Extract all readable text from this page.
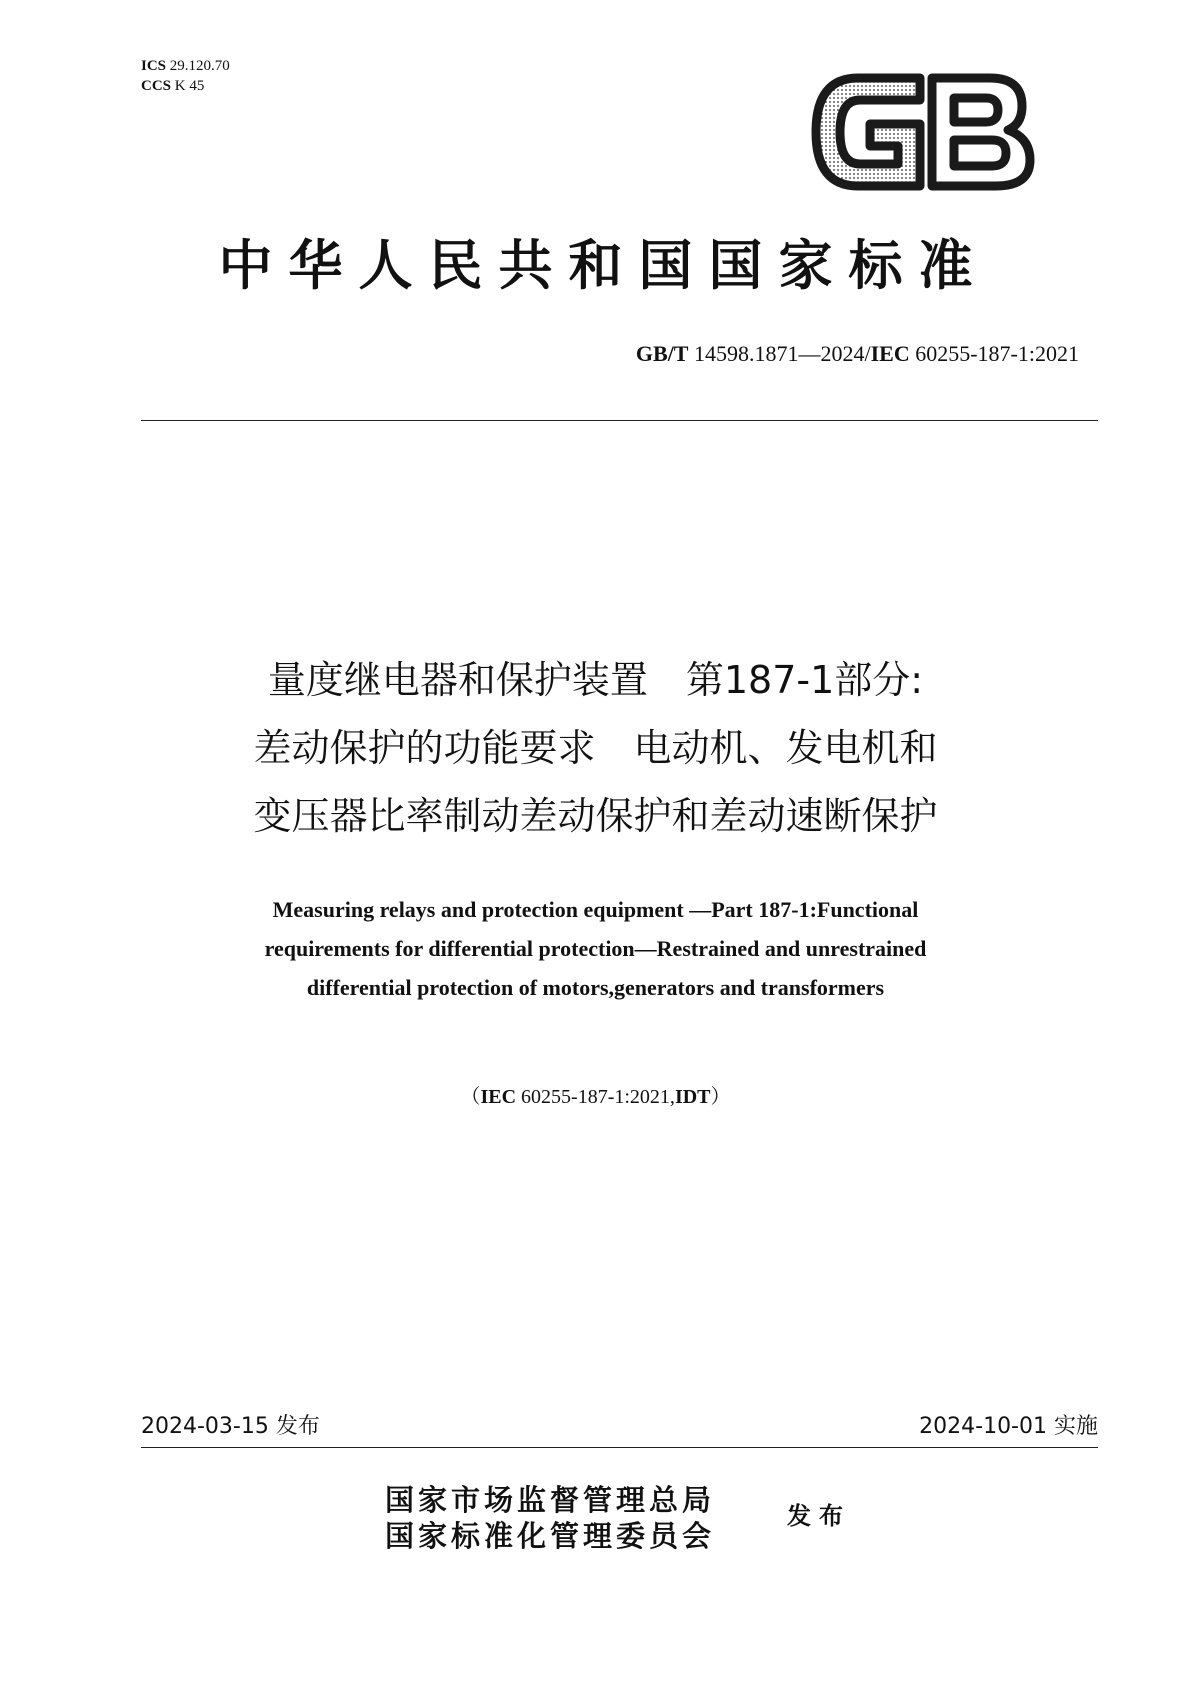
ICS 29.120.70
CCS K 45
中华人民共和国国家标准
GB/T 14598.1871—2024/IEC 60255-187-1:2021
量度继电器和保护装置　第187-1部分:
差动保护的功能要求　电动机、发电机和
变压器比率制动差动保护和差动速断保护
Measuring relays and protection equipment —Part 187-1:Functional
requirements for differential protection—Restrained and unrestrained
differential protection of motors,generators and transformers
（IEC 60255-187-1:2021,IDT）
2024-03-15 发布	2024-10-01 实施
国家市场监督管理总局
国家标准化管理委员会
发布
